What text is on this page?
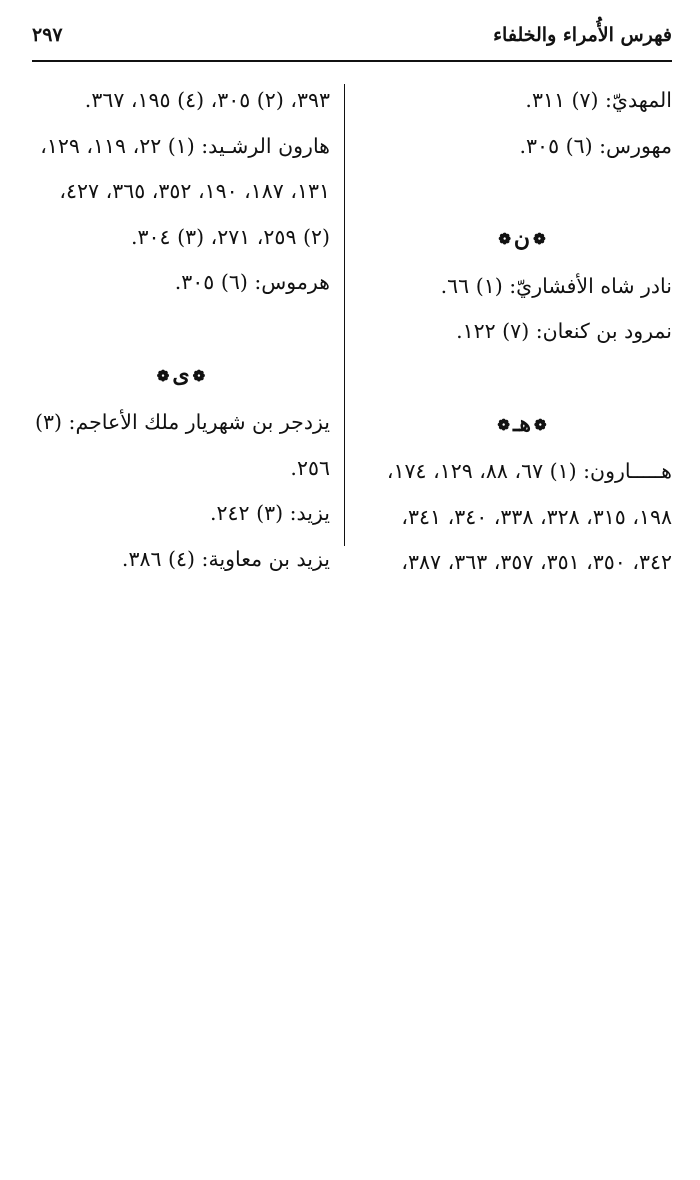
فهرس الأُمراء والخلفاء
٢٩٧
المهديّ: (٧) ٣١١.
مهورس: (٦) ٣٠٥.
❁ن❁
نادر شاه الأفشاريّ: (١) ٦٦.
نمرود بن كنعان: (٧) ١٢٢.
❁هـ❁
هـــــارون: (١) ٦٧، ٨٨، ١٢٩، ١٧٤،
١٩٨، ٣١٥، ٣٢٨، ٣٣٨، ٣٤٠، ٣٤١،
٣٤٢، ٣٥٠، ٣٥١، ٣٥٧، ٣٦٣، ٣٨٧،
٣٩٣، (٢) ٣٠٥، (٤) ١٩٥، ٣٦٧.
هارون الرشـيد: (١) ٢٢، ١١٩، ١٢٩،
١٣١، ١٨٧، ١٩٠، ٣٥٢، ٣٦٥، ٤٢٧،
(٢) ٢٥٩، ٢٧١، (٣) ٣٠٤.
هرموس: (٦) ٣٠٥.
❁ى❁
يزدجر بن شهريار ملك الأعاجم: (٣)
٢٥٦.
يزيد: (٣) ٢٤٢.
يزيد بن معاوية: (٤) ٣٨٦.
